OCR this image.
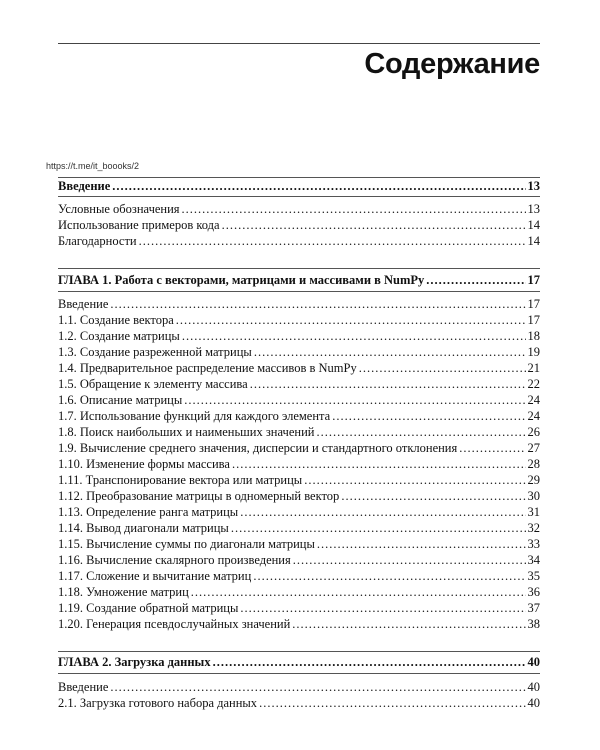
Содержание
https://t.me/it_boooks/2
Введение .....	13
Условные обозначения .....	13
Использование примеров кода .....	14
Благодарности .....	14
ГЛАВА 1. Работа с векторами, матрицами и массивами в NumPy .....	17
Введение .....	17
1.1. Создание вектора .....	17
1.2. Создание матрицы .....	18
1.3. Создание разреженной матрицы .....	19
1.4. Предварительное распределение массивов в NumPy .....	21
1.5. Обращение к элементу массива .....	22
1.6. Описание матрицы .....	24
1.7. Использование функций для каждого элемента .....	24
1.8. Поиск наибольших и наименьших значений .....	26
1.9. Вычисление среднего значения, дисперсии и стандартного отклонения .....	27
1.10. Изменение формы массива .....	28
1.11. Транспонирование вектора или матрицы .....	29
1.12. Преобразование матрицы в одномерный вектор .....	30
1.13. Определение ранга матрицы .....	31
1.14. Вывод диагонали матрицы .....	32
1.15. Вычисление суммы по диагонали матрицы .....	33
1.16. Вычисление скалярного произведения .....	34
1.17. Сложение и вычитание матриц .....	35
1.18. Умножение матриц .....	36
1.19. Создание обратной матрицы .....	37
1.20. Генерация псевдослучайных значений .....	38
ГЛАВА 2. Загрузка данных .....	40
Введение .....	40
2.1. Загрузка готового набора данных .....	40
